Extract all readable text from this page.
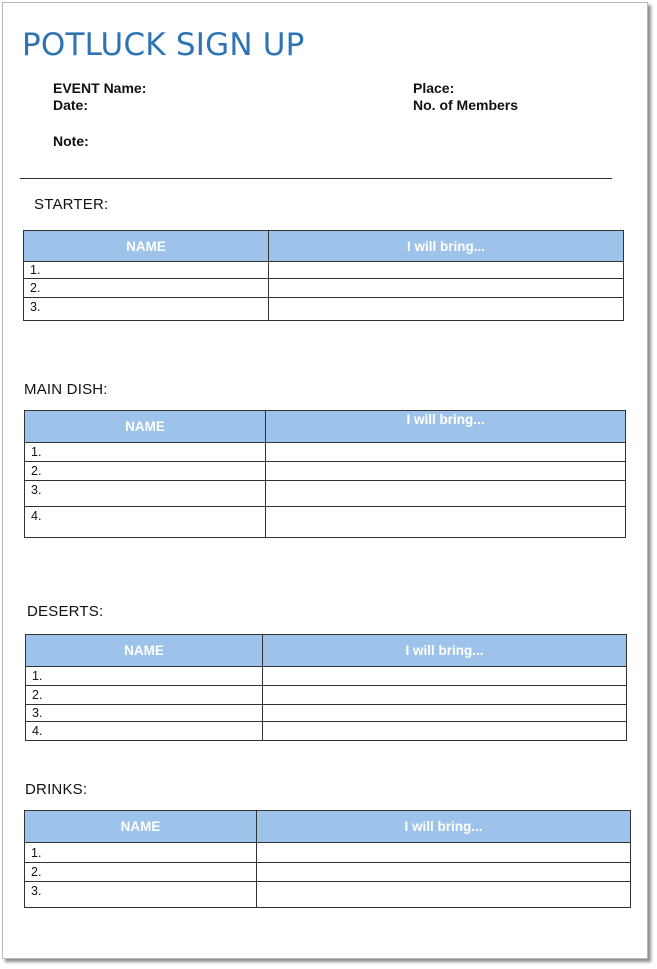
POTLUCK SIGN UP
EVENT Name:
Date:
Note:
Place:
No. of Members
STARTER:
NAME	I will bring...
1.	
2.	
3.	
MAIN DISH:
NAME	I will bring...
1.	
2.	
3.	
4.	
DESERTS:
NAME	I will bring...
1.	
2.	
3.	
4.	
DRINKS:
NAME	I will bring...
1.	
2.	
3.	
